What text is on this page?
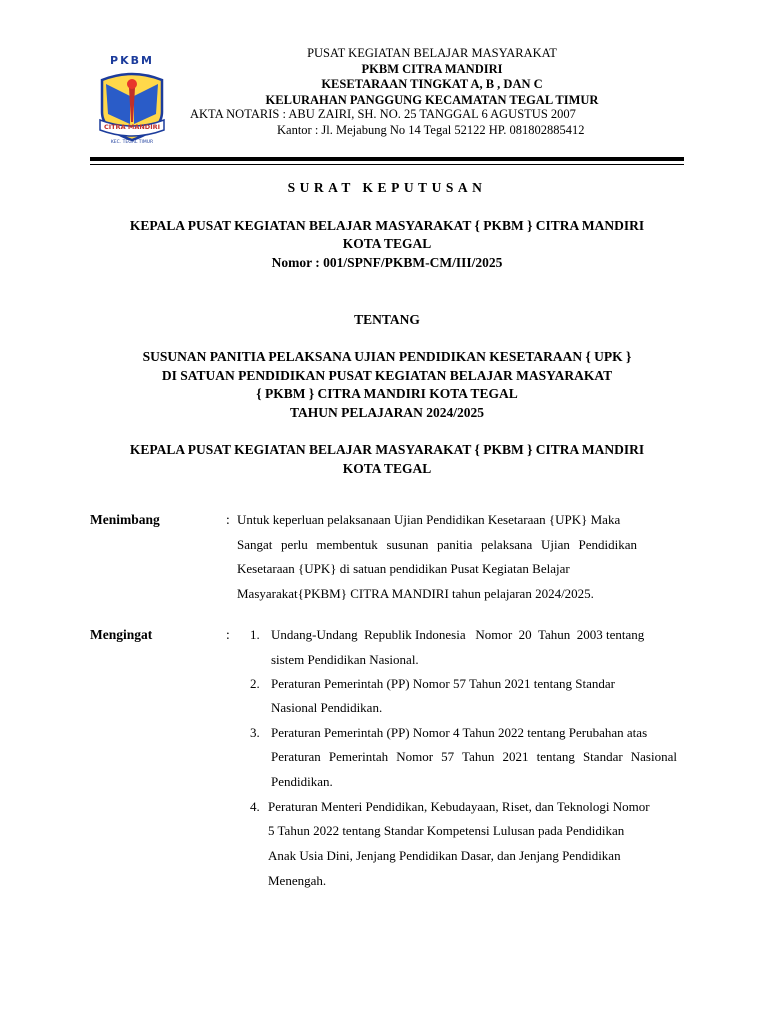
PKBM
CITRA MANDIRI
KEC. TEGAL TIMUR
PUSAT KEGIATAN BELAJAR MASYARAKAT
PKBM CITRA MANDIRI
KESETARAAN TINGKAT A, B , DAN C
KELURAHAN PANGGUNG KECAMATAN TEGAL TIMUR
AKTA NOTARIS : ABU ZAIRI, SH. NO. 25 TANGGAL 6 AGUSTUS 2007
Kantor : Jl. Mejabung No 14 Tegal 52122 HP. 081802885412
SURAT KEPUTUSAN
KEPALA PUSAT KEGIATAN BELAJAR MASYARAKAT { PKBM } CITRA MANDIRI
KOTA TEGAL
Nomor : 001/SPNF/PKBM-CM/III/2025
TENTANG
SUSUNAN PANITIA PELAKSANA UJIAN PENDIDIKAN KESETARAAN { UPK }
DI SATUAN PENDIDIKAN PUSAT KEGIATAN BELAJAR MASYARAKAT
{ PKBM } CITRA MANDIRI KOTA TEGAL
TAHUN PELAJARAN 2024/2025
KEPALA PUSAT KEGIATAN BELAJAR MASYARAKAT { PKBM } CITRA MANDIRI
KOTA TEGAL
Menimbang	: Untuk keperluan pelaksanaan Ujian Pendidikan Kesetaraan {UPK} Maka
Sangat perlu membentuk susunan panitia pelaksana Ujian Pendidikan
Kesetaraan {UPK} di satuan pendidikan Pusat Kegiatan Belajar
Masyarakat{PKBM} CITRA MANDIRI tahun pelajaran 2024/2025.
Mengingat	: 1. Undang-Undang  Republik Indonesia   Nomor  20  Tahun  2003 tentang
sistem Pendidikan Nasional.
2. Peraturan Pemerintah (PP) Nomor 57 Tahun 2021 tentang Standar
Nasional Pendidikan.
3. Peraturan Pemerintah (PP) Nomor 4 Tahun 2022 tentang Perubahan atas
Peraturan Pemerintah Nomor 57 Tahun 2021 tentang Standar Nasional
Pendidikan.
4. Peraturan Menteri Pendidikan, Kebudayaan, Riset, dan Teknologi Nomor
5 Tahun 2022 tentang Standar Kompetensi Lulusan pada Pendidikan
Anak Usia Dini, Jenjang Pendidikan Dasar, dan Jenjang Pendidikan
Menengah.
